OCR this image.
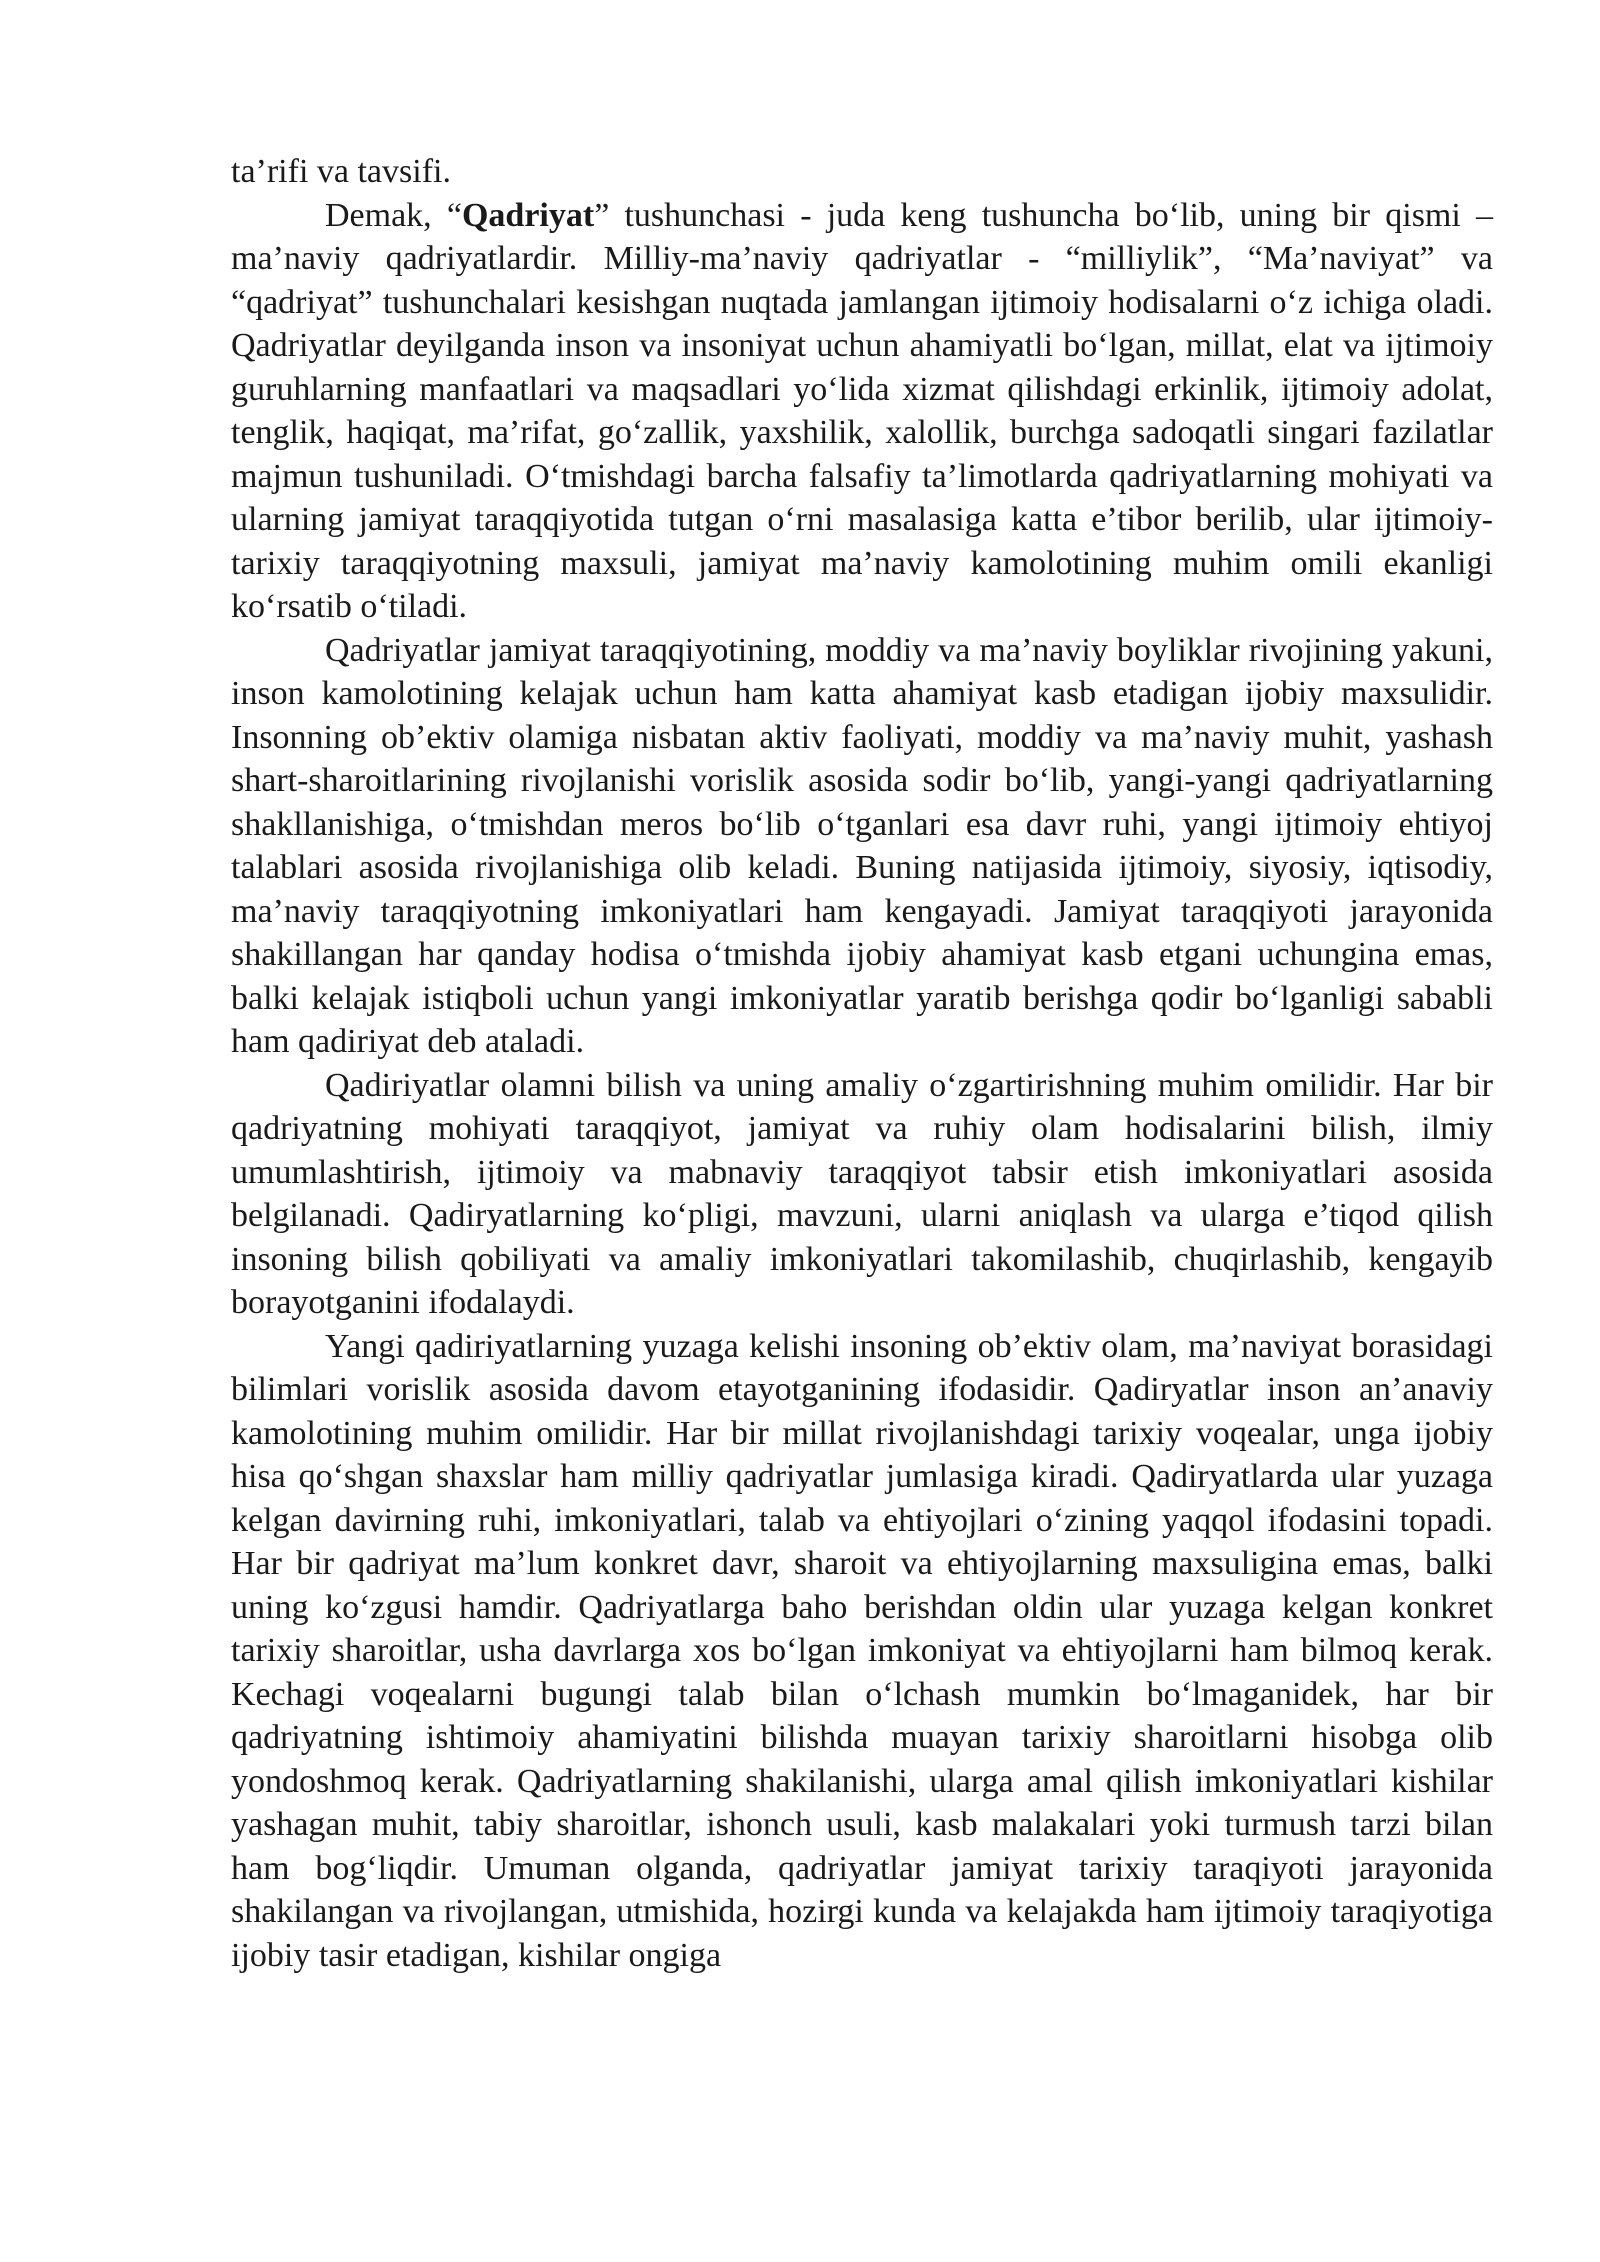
ta’rifi va tavsifi.

Demak, “Qadriyat” tushunchasi - juda keng tushuncha bo‘lib, uning bir qismi – ma’naviy qadriyatlardir. Milliy-ma’naviy qadriyatlar - “milliylik”, “Ma’naviyat” va “qadriyat” tushunchalari kesishgan nuqtada jamlangan ijtimoiy hodisalarni o‘z ichiga oladi. Qadriyatlar deyilganda inson va insoniyat uchun ahamiyatli bo‘lgan, millat, elat va ijtimoiy guruhlarning manfaatlari va maqsadlari yo‘lida xizmat qilishdagi erkinlik, ijtimoiy adolat, tenglik, haqiqat, ma’rifat, go‘zallik, yaxshilik, xalollik, burchga sadoqatli singari fazilatlar majmun tushuniladi. O‘tmishdagi barcha falsafiy ta’limotlarda qadriyatlarning mohiyati va ularning jamiyat taraqqiyotida tutgan o‘rni masalasiga katta e’tibor berilib, ular ijtimoiy-tarixiy taraqqiyotning maxsuli, jamiyat ma’naviy kamolotining muhim omili ekanligi ko‘rsatib o‘tiladi.

Qadriyatlar jamiyat taraqqiyotining, moddiy va ma’naviy boyliklar rivojining yakuni, inson kamolotining kelajak uchun ham katta ahamiyat kasb etadigan ijobiy maxsulidir. Insonning ob’ektiv olamiga nisbatan aktiv faoliyati, moddiy va ma’naviy muhit, yashash shart-sharoitlarining rivojlanishi vorislik asosida sodir bo‘lib, yangi-yangi qadriyatlarning shakllanishiga, o‘tmishdan meros bo‘lib o‘tganlari esa davr ruhi, yangi ijtimoiy ehtiyoj talablari asosida rivojlanishiga olib keladi. Buning natijasida ijtimoiy, siyosiy, iqtisodiy, ma’naviy taraqqiyotning imkoniyatlari ham kengayadi. Jamiyat taraqqiyoti jarayonida shakillangan har qanday hodisa o‘tmishda ijobiy ahamiyat kasb etgani uchungina emas, balki kelajak istiqboli uchun yangi imkoniyatlar yaratib berishga qodir bo‘lganligi sababli ham qadiriyat deb ataladi.

Qadiriyatlar olamni bilish va uning amaliy o‘zgartirishning muhim omilidir. Har bir qadriyatning mohiyati taraqqiyot, jamiyat va ruhiy olam hodisalarini bilish, ilmiy umumlashtirish, ijtimoiy va mabnaviy taraqqiyot tabsir etish imkoniyatlari asosida belgilanadi. Qadiryatlarning ko‘pligi, mavzuni, ularni aniqlash va ularga e’tiqod qilish insoning bilish qobiliyati va amaliy imkoniyatlari takomilashib, chuqirlashib, kengayib borayotganini ifodalaydi.

Yangi qadiriyatlarning yuzaga kelishi insoning ob’ektiv olam, ma’naviyat borasidagi bilimlari vorislik asosida davom etayotganining ifodasidir. Qadiryatlar inson an’anaviy kamolotining muhim omilidir. Har bir millat rivojlanishdagi tarixiy voqealar, unga ijobiy hisa qo‘shgan shaxslar ham milliy qadriyatlar jumlasiga kiradi. Qadiryatlarda ular yuzaga kelgan davirning ruhi, imkoniyatlari, talab va ehtiyojlari o‘zining yaqqol ifodasini topadi. Har bir qadriyat ma’lum konkret davr, sharoit va ehtiyojlarning maxsuligina emas, balki uning ko‘zgusi hamdir. Qadriyatlarga baho berishdan oldin ular yuzaga kelgan konkret tarixiy sharoitlar, usha davrlarga xos bo‘lgan imkoniyat va ehtiyojlarni ham bilmoq kerak. Kechagi voqealarni bugungi talab bilan o‘lchash mumkin bo‘lmaganidek, har bir qadriyatning ishtimoiy ahamiyatini bilishda muayan tarixiy sharoitlarni hisobga olib yondoshmoq kerak. Qadriyatlarning shakilanishi, ularga amal qilish imkoniyatlari kishilar yashagan muhit, tabiy sharoitlar, ishonch usuli, kasb malakalari yoki turmush tarzi bilan ham bog‘liqdir. Umuman olganda, qadriyatlar jamiyat tarixiy taraqiyoti jarayonida shakilangan va rivojlangan, utmishida, hozirgi kunda va kelajakda ham ijtimoiy taraqiyotiga ijobiy tasir etadigan, kishilar ongiga
